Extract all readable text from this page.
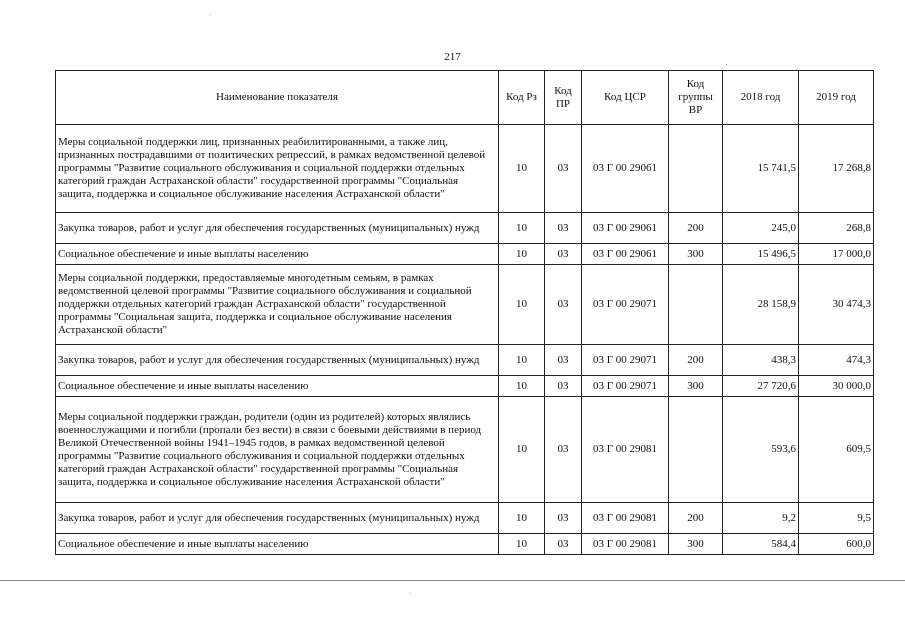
217
Наименование показателя	Код Рз	Код ПР	Код ЦСР	Код группы ВР	2018 год	2019 год
Меры социальной поддержки лиц, признанных реабилитированными, а также лиц, признанных пострадавшими от политических репрессий, в рамках ведомственной целевой программы "Развитие социального обслуживания и социальной поддержки отдельных категорий граждан Астраханской области" государственной программы "Социальная защита, поддержка и социальное обслуживание населения Астраханской области"	10	03	03 Г 00 29061		15 741,5	17 268,8
Закупка товаров, работ и услуг для обеспечения государственных (муниципальных) нужд	10	03	03 Г 00 29061	200	245,0	268,8
Социальное обеспечение и иные выплаты населению	10	03	03 Г 00 29061	300	15 496,5	17 000,0
Меры социальной поддержки, предоставляемые многодетным семьям, в рамках ведомственной целевой программы "Развитие социального обслуживания и социальной поддержки отдельных категорий граждан Астраханской области" государственной программы "Социальная защита, поддержка и социальное обслуживание населения Астраханской области"	10	03	03 Г 00 29071		28 158,9	30 474,3
Закупка товаров, работ и услуг для обеспечения государственных (муниципальных) нужд	10	03	03 Г 00 29071	200	438,3	474,3
Социальное обеспечение и иные выплаты населению	10	03	03 Г 00 29071	300	27 720,6	30 000,0
Меры социальной поддержки граждан, родители (один из родителей) которых являлись военнослужащими и погибли (пропали без вести) в связи с боевыми действиями в период Великой Отечественной войны 1941–1945 годов, в рамках ведомственной целевой программы "Развитие социального обслуживания и социальной поддержки отдельных категорий граждан Астраханской области" государственной программы "Социальная защита, поддержка и социальное обслуживание населения Астраханской области"	10	03	03 Г 00 29081		593,6	609,5
Закупка товаров, работ и услуг для обеспечения государственных (муниципальных) нужд	10	03	03 Г 00 29081	200	9,2	9,5
Социальное обеспечение и иные выплаты населению	10	03	03 Г 00 29081	300	584,4	600,0
